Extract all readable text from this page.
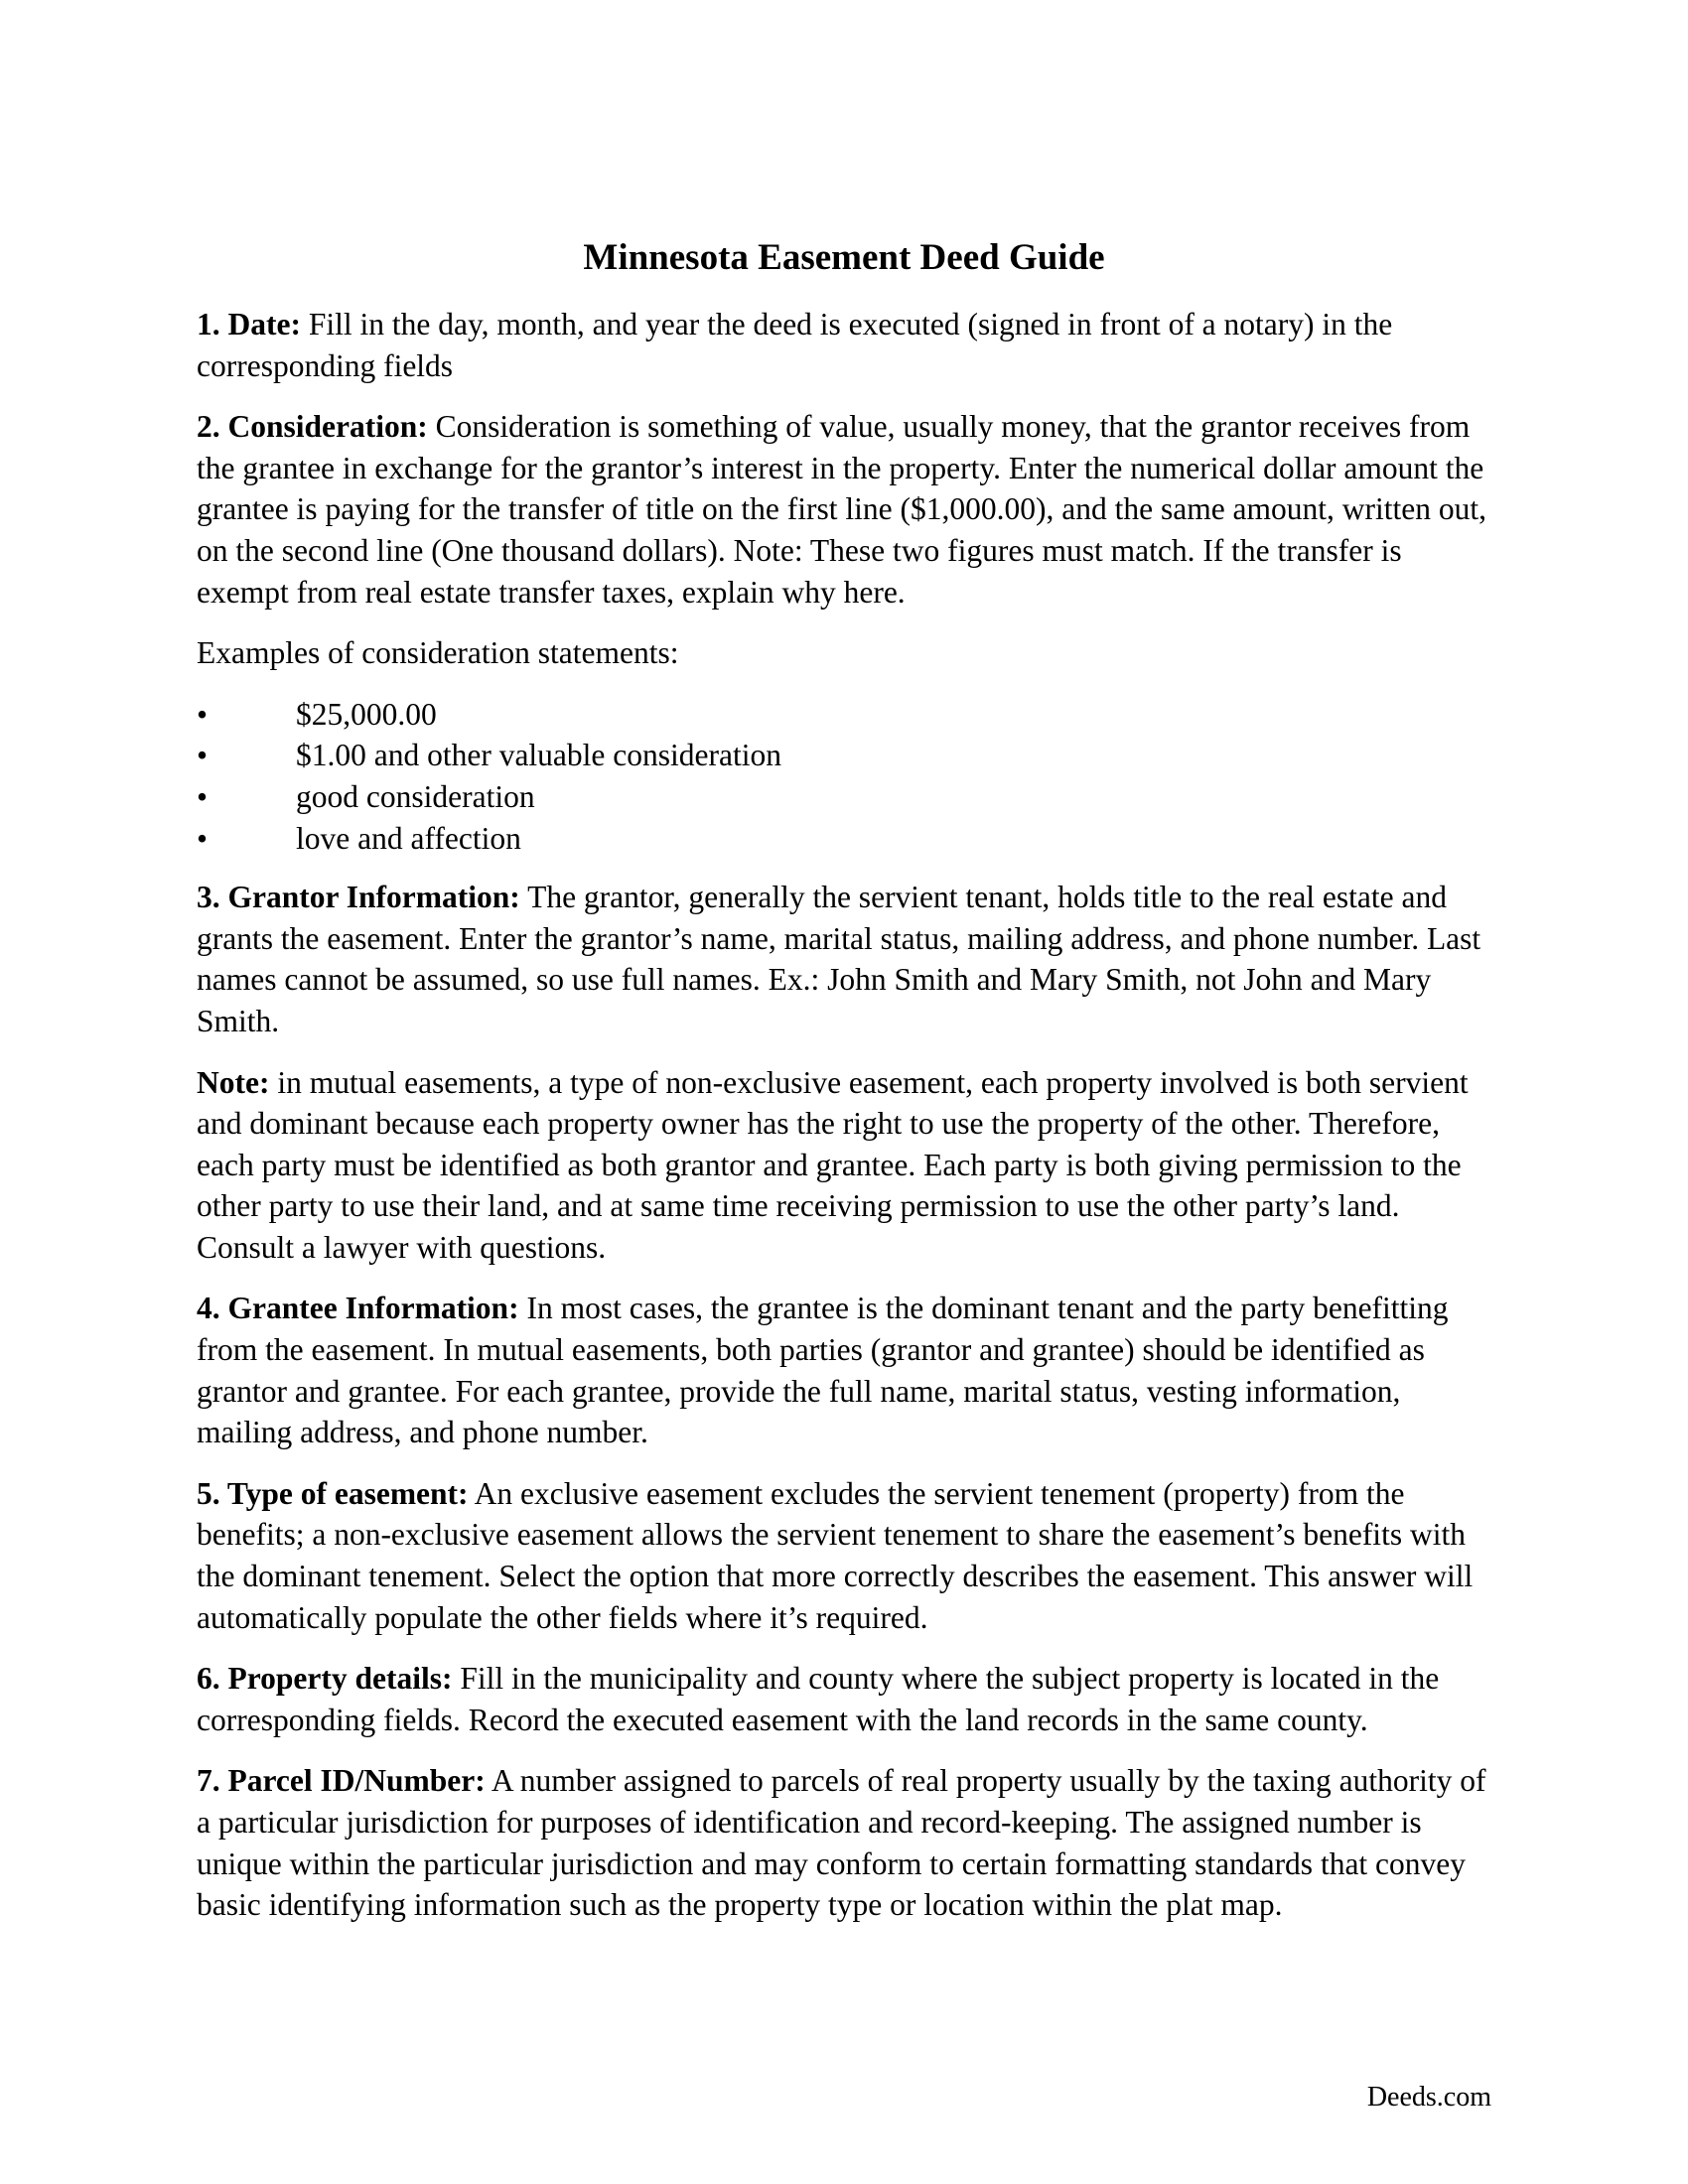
Minnesota Easement Deed Guide

1. Date: Fill in the day, month, and year the deed is executed (signed in front of a notary) in the corresponding fields

2. Consideration: Consideration is something of value, usually money, that the grantor receives from the grantee in exchange for the grantor’s interest in the property. Enter the numerical dollar amount the grantee is paying for the transfer of title on the first line ($1,000.00), and the same amount, written out, on the second line (One thousand dollars). Note: These two figures must match. If the transfer is exempt from real estate transfer taxes, explain why here.

Examples of consideration statements:

•	$25,000.00
•	$1.00 and other valuable consideration
•	good consideration
•	love and affection

3. Grantor Information: The grantor, generally the servient tenant, holds title to the real estate and grants the easement. Enter the grantor’s name, marital status, mailing address, and phone number. Last names cannot be assumed, so use full names. Ex.: John Smith and Mary Smith, not John and Mary Smith.

Note: in mutual easements, a type of non-exclusive easement, each property involved is both servient and dominant because each property owner has the right to use the property of the other. Therefore, each party must be identified as both grantor and grantee. Each party is both giving permission to the other party to use their land, and at same time receiving permission to use the other party’s land. Consult a lawyer with questions.

4. Grantee Information: In most cases, the grantee is the dominant tenant and the party benefitting from the easement. In mutual easements, both parties (grantor and grantee) should be identified as grantor and grantee. For each grantee, provide the full name, marital status, vesting information, mailing address, and phone number.

5. Type of easement: An exclusive easement excludes the servient tenement (property) from the benefits; a non-exclusive easement allows the servient tenement to share the easement’s benefits with the dominant tenement. Select the option that more correctly describes the easement. This answer will automatically populate the other fields where it’s required.

6. Property details: Fill in the municipality and county where the subject property is located in the corresponding fields. Record the executed easement with the land records in the same county.

7. Parcel ID/Number: A number assigned to parcels of real property usually by the taxing authority of a particular jurisdiction for purposes of identification and record-keeping. The assigned number is unique within the particular jurisdiction and may conform to certain formatting standards that convey basic identifying information such as the property type or location within the plat map.

Deeds.com
